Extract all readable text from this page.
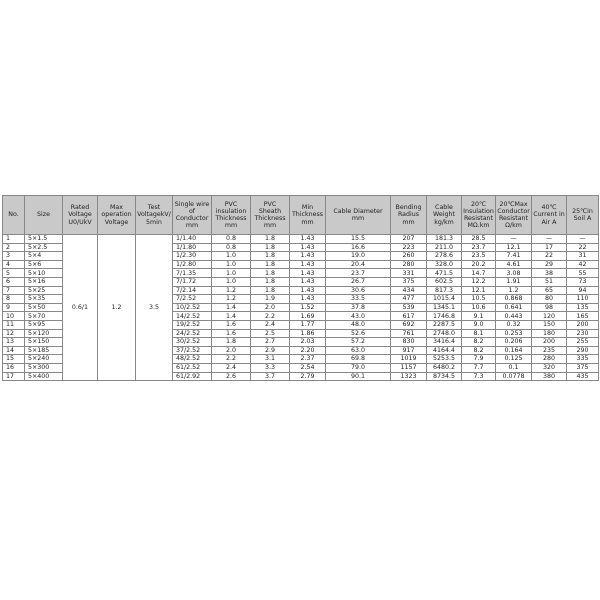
No.	Size	Rated Voltage U0/UkV	Max operation Voltage	Test VoltagekV/ 5min	Single wire of Conductor mm	PVC insulation Thickness mm	PVC Sheath Thickness mm	Min Thickness mm	Cable Diameter mm	Bending Radius mm	Cable Weight kg/km	20℃ Insulation Resistant MΩ.km	20℃Max Conductor Resistant Ω/km	40℃ Current in Air A	25℃in Soil A
1	5×1.5	0.6/1	1.2	3.5	1/1.40	0.8	1.8	1.43	15.5	207	181.3	28.5	—	—	—
2	5×2.5				1/1.80	0.8	1.8	1.43	16.6	223	211.0	23.7	12.1	17	22
3	5×4				1/2.30	1.0	1.8	1.43	19.0	260	278.6	23.5	7.41	22	31
4	5×6				1/2.80	1.0	1.8	1.43	20.4	280	328.0	20.2	4.61	29	42
5	5×10				7/1.35	1.0	1.8	1.43	23.7	331	471.5	14.7	3.08	38	55
6	5×16				7/1.72	1.0	1.8	1.43	26.7	375	602.5	12.2	1.91	51	73
7	5×25				7/2.14	1.2	1.8	1.43	30.6	434	817.3	12.1	1.2	65	94
8	5×35				7/2.52	1.2	1.9	1.43	33.5	477	1015.4	10.5	0.868	80	110
9	5×50				10/2.52	1.4	2.0	1.52	37.8	539	1345.1	10.6	0.641	98	135
10	5×70				14/2.52	1.4	2.2	1.69	43.0	617	1746.8	9.1	0.443	120	165
11	5×95				19/2.52	1.6	2.4	1.77	48.0	692	2287.5	9.0	0.32	150	200
12	5×120				24/2.52	1.6	2.5	1.86	52.6	761	2748.0	8.1	0.253	180	230
13	5×150				30/2.52	1.8	2.7	2.03	57.2	830	3416.4	8.2	0.206	200	255
14	5×185				37/2.52	2.0	2.9	2.20	63.0	917	4164.4	8.2	0.164	235	290
15	5×240				48/2.52	2.2	3.1	2.37	69.8	1019	5253.5	7.9	0.125	280	335
16	5×300				61/2.52	2.4	3.3	2.54	79.0	1157	6480.2	7.7	0.1	320	375
17	5×400				61/2.92	2.6	3.7	2.79	90.1	1323	8734.5	7.3	0.0778	380	435
